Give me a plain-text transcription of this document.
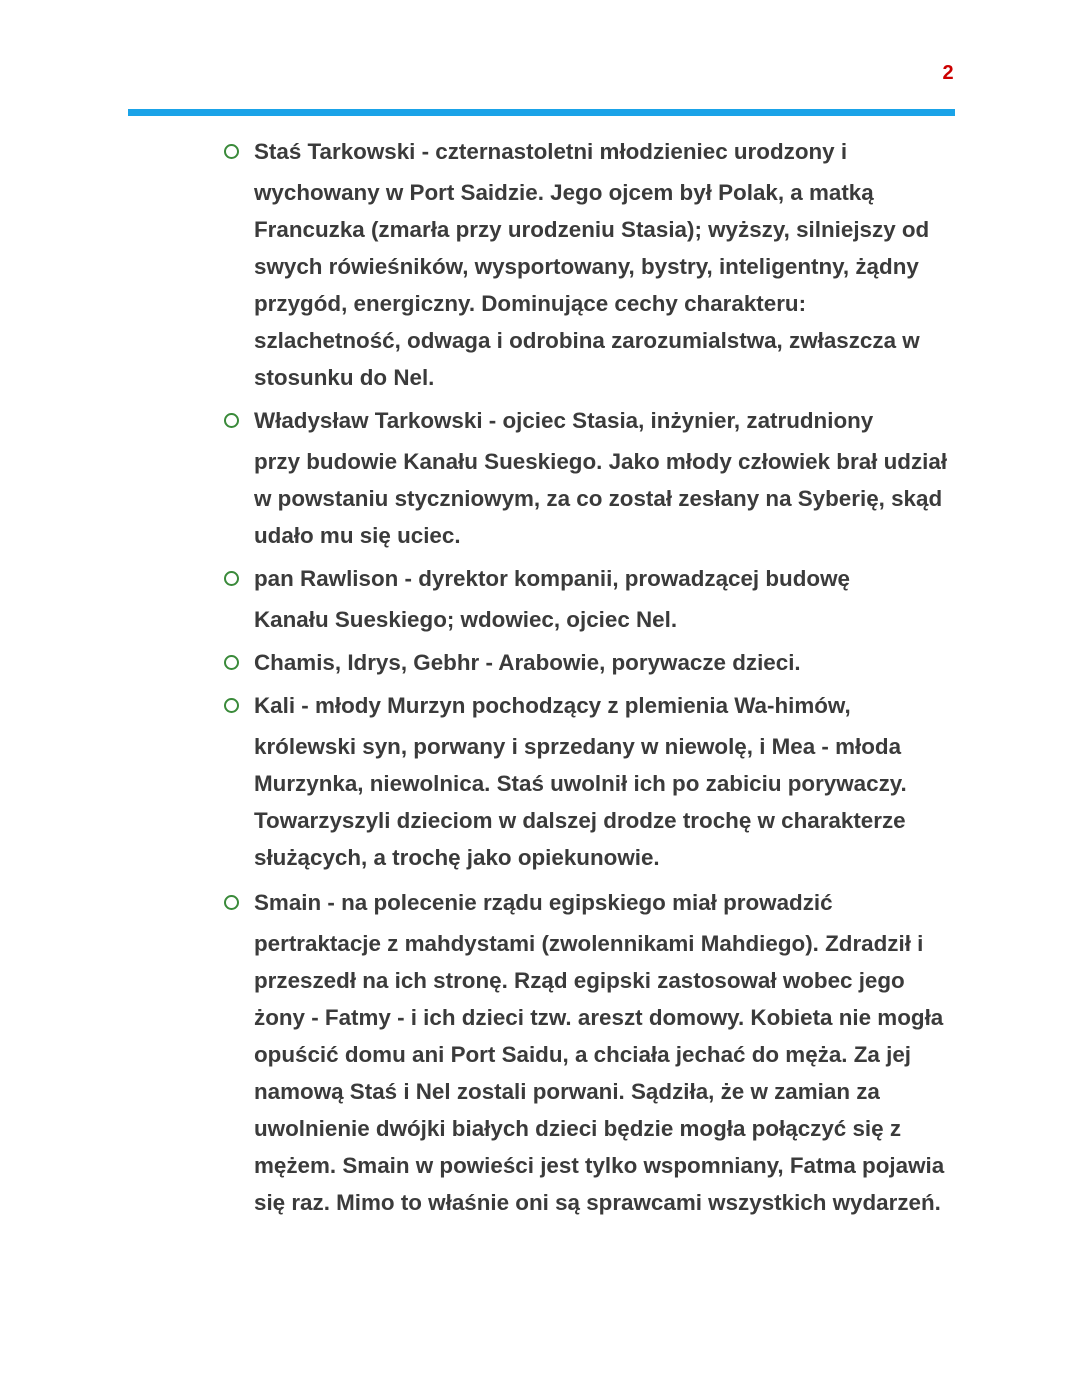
2
Staś Tarkowski - czternastoletni młodzieniec urodzony i
wychowany w Port Saidzie. Jego ojcem był Polak, a matką Francuzka (zmarła przy urodzeniu Stasia); wyższy, silniejszy od swych rówieśników, wysportowany, bystry, inteligentny, żądny przygód, energiczny. Dominujące cechy charakteru: szlachetność, odwaga i odrobina zarozumialstwa, zwłaszcza w stosunku do Nel.
Władysław Tarkowski - ojciec Stasia, inżynier, zatrudniony
przy budowie Kanału Sueskiego. Jako młody człowiek brał udział w powstaniu styczniowym, za co został zesłany na Syberię, skąd udało mu się uciec.
pan Rawlison - dyrektor kompanii, prowadzącej budowę
Kanału Sueskiego; wdowiec, ojciec Nel.
Chamis, Idrys, Gebhr - Arabowie, porywacze dzieci.
Kali - młody Murzyn pochodzący z plemienia Wa-himów,
królewski syn, porwany i sprzedany w niewolę, i Mea - młoda Murzynka, niewolnica. Staś uwolnił ich po zabiciu porywaczy. Towarzyszyli dzieciom w dalszej drodze trochę w charakterze służących, a trochę jako opiekunowie.
Smain - na polecenie rządu egipskiego miał prowadzić
pertraktacje z mahdystami (zwolennikami Mahdiego). Zdradził i przeszedł na ich stronę. Rząd egipski zastosował wobec jego żony - Fatmy - i ich dzieci tzw. areszt domowy. Kobieta nie mogła opuścić domu ani Port Saidu, a chciała jechać do męża. Za jej namową Staś i Nel zostali porwani. Sądziła, że w zamian za uwolnienie dwójki białych dzieci będzie mogła połączyć się z mężem. Smain w powieści jest tylko wspomniany, Fatma pojawia się raz. Mimo to właśnie oni są sprawcami wszystkich wydarzeń.
